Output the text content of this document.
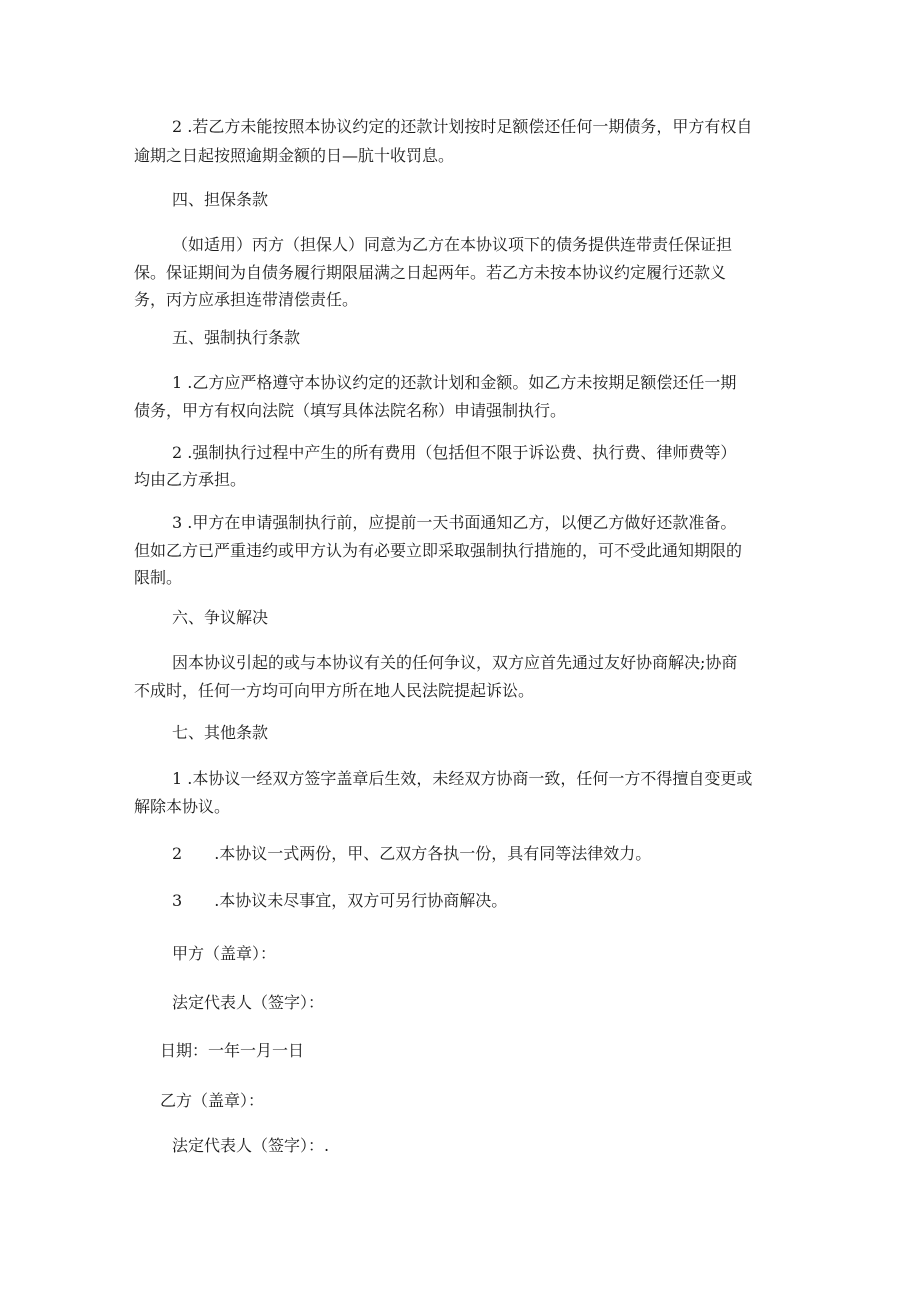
2 .若乙方未能按照本协议约定的还款计划按时足额偿还任何一期债务，甲方有权自

逾期之日起按照逾期金额的日—肮十收罚息。

四、担保条款

（如适用）丙方（担保人）同意为乙方在本协议项下的债务提供连带责任保证担

保。保证期间为自债务履行期限届满之日起两年。若乙方未按本协议约定履行还款义

务，丙方应承担连带清偿责任。

五、强制执行条款

1 .乙方应严格遵守本协议约定的还款计划和金额。如乙方未按期足额偿还任一期

债务，甲方有权向法院（填写具体法院名称）申请强制执行。

2 .强制执行过程中产生的所有费用（包括但不限于诉讼费、执行费、律师费等）

均由乙方承担。

3 .甲方在申请强制执行前，应提前一天书面通知乙方，以便乙方做好还款准备。

但如乙方已严重违约或甲方认为有必要立即采取强制执行措施的，可不受此通知期限的

限制。

六、争议解决

因本协议引起的或与本协议有关的任何争议，双方应首先通过友好协商解决;协商

不成时，任何一方均可向甲方所在地人民法院提起诉讼。

七、其他条款

1 .本协议一经双方签字盖章后生效，未经双方协商一致，任何一方不得擅自变更或

解除本协议。

2 .本协议一式两份，甲、乙双方各执一份，具有同等法律效力。

3 .本协议未尽事宜，双方可另行协商解决。

甲方（盖章）：

法定代表人（签字）：

日期：一年一月一日

乙方（盖章）：

法定代表人（签字）：.
